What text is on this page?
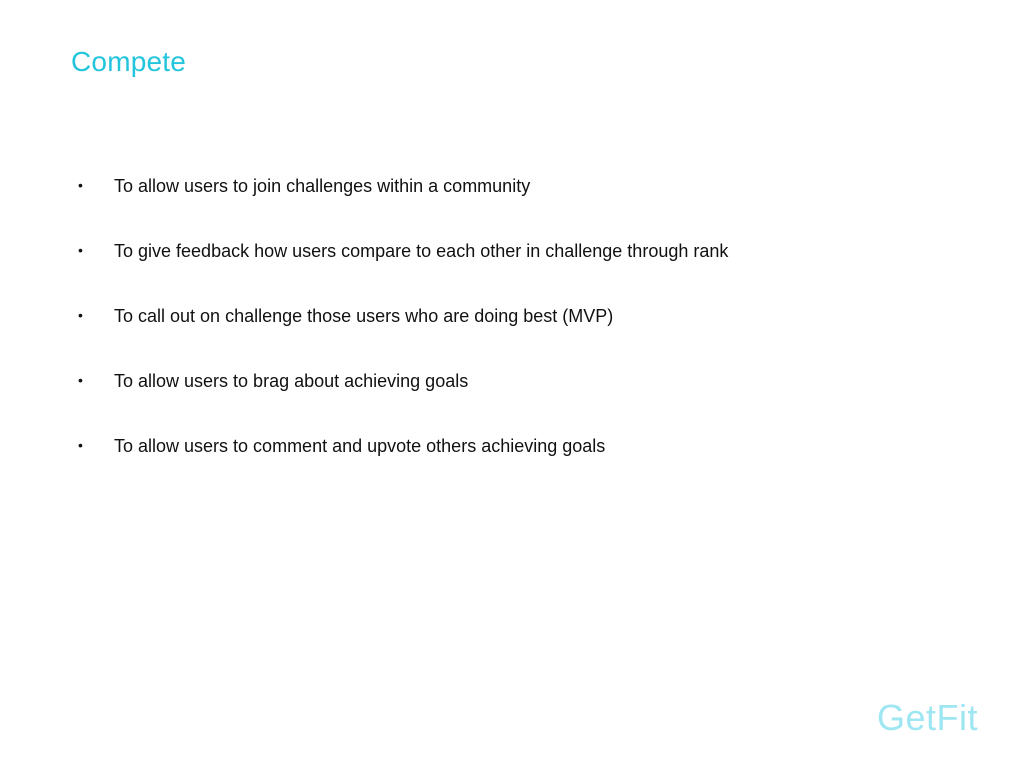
Compete
•	To allow users to join challenges within a community
•	To give feedback how users compare to each other in challenge through rank
•	To call out on challenge those users who are doing best (MVP)
•	To allow users to brag about achieving goals
•	To allow users to comment and upvote others achieving goals
GetFit
